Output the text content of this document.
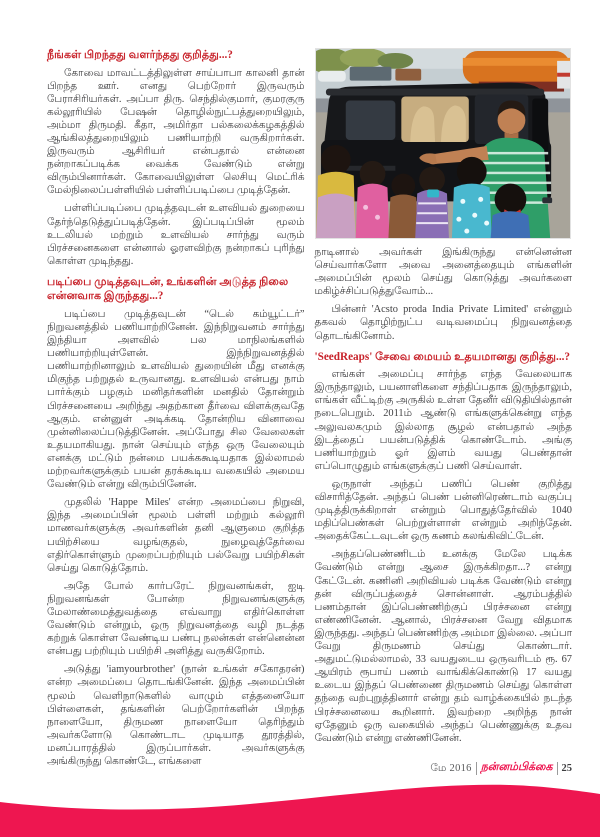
நீங்கள் பிறந்தது வளர்ந்தது குறித்து...?

கோவை மாவட்டத்திலுள்ள சாய்பாபா காலனி தான் பிறந்த ஊர். எனது பெற்றோர் இருவரும் பேராசிரியர்கள். அப்பா திரு. செந்தில்குமார், குமரகுரு கல்லூரியில் பேஷன் தொழில்நுட்பத்துறையிலும், அம்மா திருமதி. கீதா, அமிர்தா பல்கலைக்கழகத்தில் ஆங்கிலத்துறையிலும் பணியாற்றி வருகிறார்கள். இருவரும் ஆசிரியர் என்பதால் என்னை நன்றாகப்படிக்க வைக்க வேண்டும் என்று விரும்பினார்கள். கோவையிலுள்ள லெசியு மெட்ரிக் மேல்நிலைப்பள்ளியில் பள்ளிப்படிப்பை முடித்தேன்.

பள்ளிப்படிப்பை முடித்தவுடன் உளவியல் துறையை தேர்ந்தெடுத்துப்படித்தேன். இப்படிப்பின் மூலம் உடலியல் மற்றும் உளவியல் சார்ந்து வரும் பிரச்சனைகளை என்னால் ஓரளவிற்கு நன்றாகப் புரிந்து கொள்ள முடிந்தது.

படிப்பை முடித்தவுடன், உங்களின் அடுத்த நிலை என்னவாக இருந்தது...?

படிப்பை முடித்தவுடன் “டெல் கம்யூட்டர்” நிறுவனத்தில் பணியாற்றினேன். இந்நிறுவனம் சார்ந்து இந்தியா அளவில் பல மாநிலங்களில் பணியாற்றியுள்ளேன். இந்நிறுவனத்தில் பணியாற்றினாலும் உளவியல் துறையின் மீது எனக்கு மிகுந்த பற்றுதல் உருவானது. உளவியல் என்பது நாம் பார்க்கும் பழகும் மனிதர்களின் மனதில் தோன்றும் பிரச்சனையை அறிந்து அதற்கான தீர்வை விளக்குவதே ஆகும். என்னுள் அடிக்கடி தோன்றிய வினாவை முன்னிலைப்படுத்தினேன். அப்போது சில வேலைகள் உதயமாகியது. நான் செய்யும் எந்த ஒரு வேலையும் எனக்கு மட்டும் நன்மை பயக்ககூடியதாக இல்லாமல் மற்றவர்களுக்கும் பயன் தரக்கூடிய வகையில் அமைய வேண்டும் என்று விரும்பினேன்.

முதலில் 'Happe Miles' என்ற அமைப்பை நிறுவி, இந்த அமைப்பின் மூலம் பள்ளி மற்றும் கல்லூரி மாணவர்களுக்கு அவர்களின் தனி ஆளுமை குறித்த பயிற்சியை வழங்குதல், நுழைவுத்தேர்வை எதிர்கொள்ளும் முறைப்பற்றியும் பல்வேறு பயிற்சிகள் செய்து கொடுத்தோம்.

அதே போல் கார்பரேட் நிறுவனங்கள், ஐடி நிறுவனங்கள் போன்ற நிறுவனங்களுக்கு மேலாண்மைத்துவத்தை எவ்வாறு எதிர்கொள்ள வேண்டும் என்றும், ஒரு நிறுவனத்தை வழி நடத்த கற்றுக் கொள்ள வேண்டிய பண்பு நலன்கள் என்னென்ன என்பது பற்றியும் பயிற்சி அளித்து வருகிறோம்.

அடுத்து 'iamyourbrother' (நான் உங்கள் சகோதரன்) என்ற அமைப்பை தொடங்கினேன். இந்த அமைப்பின் மூலம் வெளிநாடுகளில் வாழும் எத்தனையோ பிள்ளைகள், தங்களின் பெற்றோர்களின் பிறந்த நாளையோ, திருமண நாளையோ தெரிந்தும் அவர்களோடு கொண்டாட முடியாத தூரத்தில், மனப்பாரத்தில் இருப்பார்கள். அவர்களுக்கு அங்கிருந்து கொண்டே, எங்களை

நாடினால் அவர்கள் இங்கிருந்து என்னென்ன செய்வார்களோ அவை அனைத்தையும் எங்களின் அமைப்பின் மூலம் செய்து கொடுத்து அவர்களை மகிழ்ச்சிப்படுத்துவோம்...

பின்னர் 'Acsto proda India Private Limited' என்னும் தகவல் தொழிற்நுட்ப வடிவமைப்பு நிறுவனத்தை தொடங்கினோம்.

'SeedReaps' சேவை மையம் உதயமானது குறித்து...?

எங்கள் அமைப்பு சார்ந்த எந்த வேலையாக இருந்தாலும், பயனாளிகளை சந்திப்பதாக இருந்தாலும், எங்கள் வீட்டிற்கு அருகில் உள்ள தேனீர் விடுதியில்தான் நடைபெறும். 2011ம் ஆண்டு எங்களுக்கென்று எந்த அலுவலகமும் இல்லாத சூழல் என்பதால் அந்த இடத்தைப் பயன்படுத்திக் கொண்டோம். அங்கு பணியாற்றும் ஓர் இளம் வயது பெண்தான் எப்பொழுதும் எங்களுக்குப் பணி செய்வாள்.

ஒருநாள் அந்தப் பணிப் பெண் குறித்து விசாரித்தேன். அந்தப் பெண் பன்னிரெண்டாம் வகுப்பு முடித்திருக்கிறாள் என்றும் பொதுத்தேர்வில் 1040 மதிப்பெண்கள் பெற்றுள்ளாள் என்றும் அறிந்தேன். அதைக்கேட்டவுடன் ஒரு கணம் கலங்கிவிட்டேன்.

அந்தப்பெண்ணிடம் உனக்கு மேலே படிக்க வேண்டும் என்று ஆசை இருக்கிறதா...? என்று கேட்டேன். கணினி அறிவியல் படிக்க வேண்டும் என்று தன் விருப்பத்தைச் சொன்னாள். ஆரம்பத்தில் பணம்தான் இப்பெண்ணிற்குப் பிரச்சனை என்று எண்ணினேன். ஆனால், பிரச்சனை வேறு விதமாக இருந்தது. அந்தப் பெண்ணிற்கு அம்மா இல்லை. அப்பா வேறு திருமணம் செய்து கொண்டார். அதுமட்டுமல்லாமல், 33 வயதுடைய ஒருவரிடம் ரூ. 67 ஆயிரம் ரூபாய் பணம் வாங்கிக்கொண்டு 17 வயது உடைய இந்தப் பெண்ணை திருமணம் செய்து கொள்ள தந்தை வற்புறுத்தினார் என்று தம் வாழ்க்கையில் நடந்த பிரச்சனையை கூறினார். இவற்றை அறிந்த நான் ஏதேனும் ஒரு வகையில் அந்தப் பெண்ணுக்கு உதவ வேண்டும் என்று எண்ணினேன்.

மே 2016 நன்னம்பிக்கை 25
